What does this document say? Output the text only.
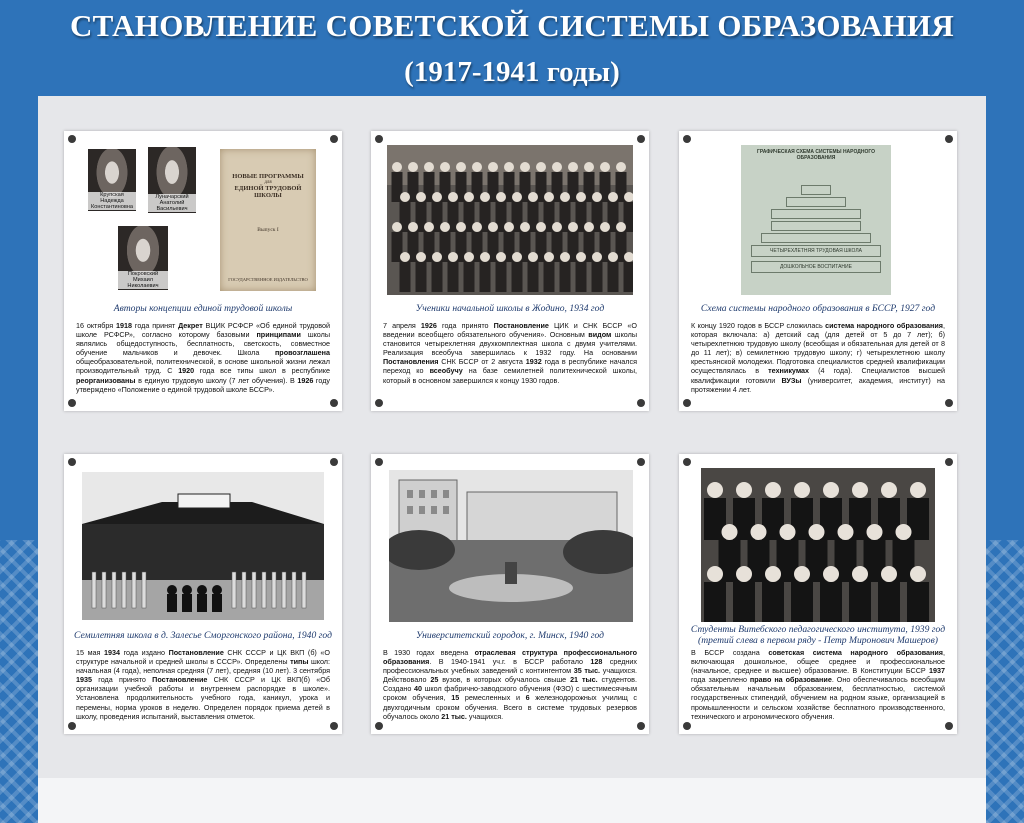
СТАНОВЛЕНИЕ СОВЕТСКОЙ СИСТЕМЫ ОБРАЗОВАНИЯ
(1917-1941 годы)
Крупская Надежда Константиновна
Луначарский Анатолий Васильевич
Покровский Михаил Николаевич
НОВЫЕ ПРОГРАММЫ
для
ЕДИНОЙ ТРУДОВОЙ ШКОЛЫ
Выпуск I
ГОСУДАРСТВЕННОЕ ИЗДАТЕЛЬСТВО
Авторы концепции единой трудовой школы
16 октября 1918 года принят Декрет ВЦИК РСФСР «Об единой трудовой школе РСФСР», согласно которому базовыми принципами школы являлись общедоступность, бесплатность, светскость, совместное обучение мальчиков и девочек. Школа провозглашена общеобразовательной, политехнической, в основе школьной жизни лежал производительный труд. С 1920 года все типы школ в республике реорганизованы в единую трудовую школу (7 лет обучения). В 1926 году утверждено «Положение о единой трудовой школе БССР».
Ученики начальной школы в Жодино, 1934 год
7 апреля 1926 года принято Постановление ЦИК и СНК БССР «О введении всеобщего обязательного обучения». Основным видом школы становится четырехлетняя двухкомплектная школа с двумя учителями. Реализация всеобуча завершилась к 1932 году. На основании Постановления СНК БССР от 2 августа 1932 года в республике начался переход ко всеобучу на базе семилетней политехнической школы, который в основном завершился к концу 1930 годов.
ГРАФИЧЕСКАЯ СХЕМА СИСТЕМЫ НАРОДНОГО ОБРАЗОВАНИЯ
ЧЕТЫРЕХЛЕТНЯЯ ТРУДОВАЯ ШКОЛА
ДОШКОЛЬНОЕ ВОСПИТАНИЕ
Схема системы народного образования в БССР, 1927 год
К концу 1920 годов в БССР сложилась система народного образования, которая включала: а) детский сад (для детей от 5 до 7 лет); б) четырехлетнюю трудовую школу (всеобщая и обязательная для детей от 8 до 11 лет); в) семилетнюю трудовую школу; г) четырехлетнюю школу крестьянской молодежи. Подготовка специалистов средней квалификации осуществлялась в техникумах (4 года). Специалистов высшей квалификации готовили ВУЗы (университет, академия, институт) на протяжении 4 лет.
Семилетняя школа в д. Залесье Сморгонского района, 1940 год
15 мая 1934 года издано Постановление СНК СССР и ЦК ВКП (б) «О структуре начальной и средней школы в СССР». Определены типы школ: начальная (4 года), неполная средняя (7 лет), средняя (10 лет). 3 сентября 1935 года принято Постановление СНК СССР и ЦК ВКП(б) «Об организации учебной работы и внутреннем распорядке в школе». Установлена продолжительность учебного года, каникул, урока и перемены, норма уроков в неделю. Определен порядок приема детей в школу, проведения испытаний, выставления отметок.
Университетский городок, г. Минск, 1940 год
В 1930 годах введена отраслевая структура профессионального образования. В 1940-1941 уч.г. в БССР работало 128 средних профессиональных учебных заведений с контингентом 35 тыс. учащихся. Действовало 25 вузов, в которых обучалось свыше 21 тыс. студентов. Создано 40 школ фабрично-заводского обучения (ФЗО) с шестимесячным сроком обучения, 15 ремесленных и 6 железнодорожных училищ с двухгодичным сроком обучения. Всего в системе трудовых резервов обучалось около 21 тыс. учащихся.
Студенты Витебского педагогического института, 1939 год (третий слева в первом ряду - Петр Миронович Машеров)
В БССР создана советская система народного образования, включающая дошкольное, общее среднее и профессиональное (начальное, среднее и высшее) образование. В Конституции БССР 1937 года закреплено право на образование. Оно обеспечивалось всеобщим обязательным начальным образованием, бесплатностью, системой государственных стипендий, обучением на родном языке, организацией в промышленности и сельском хозяйстве бесплатного производственного, технического и агрономического обучения.
